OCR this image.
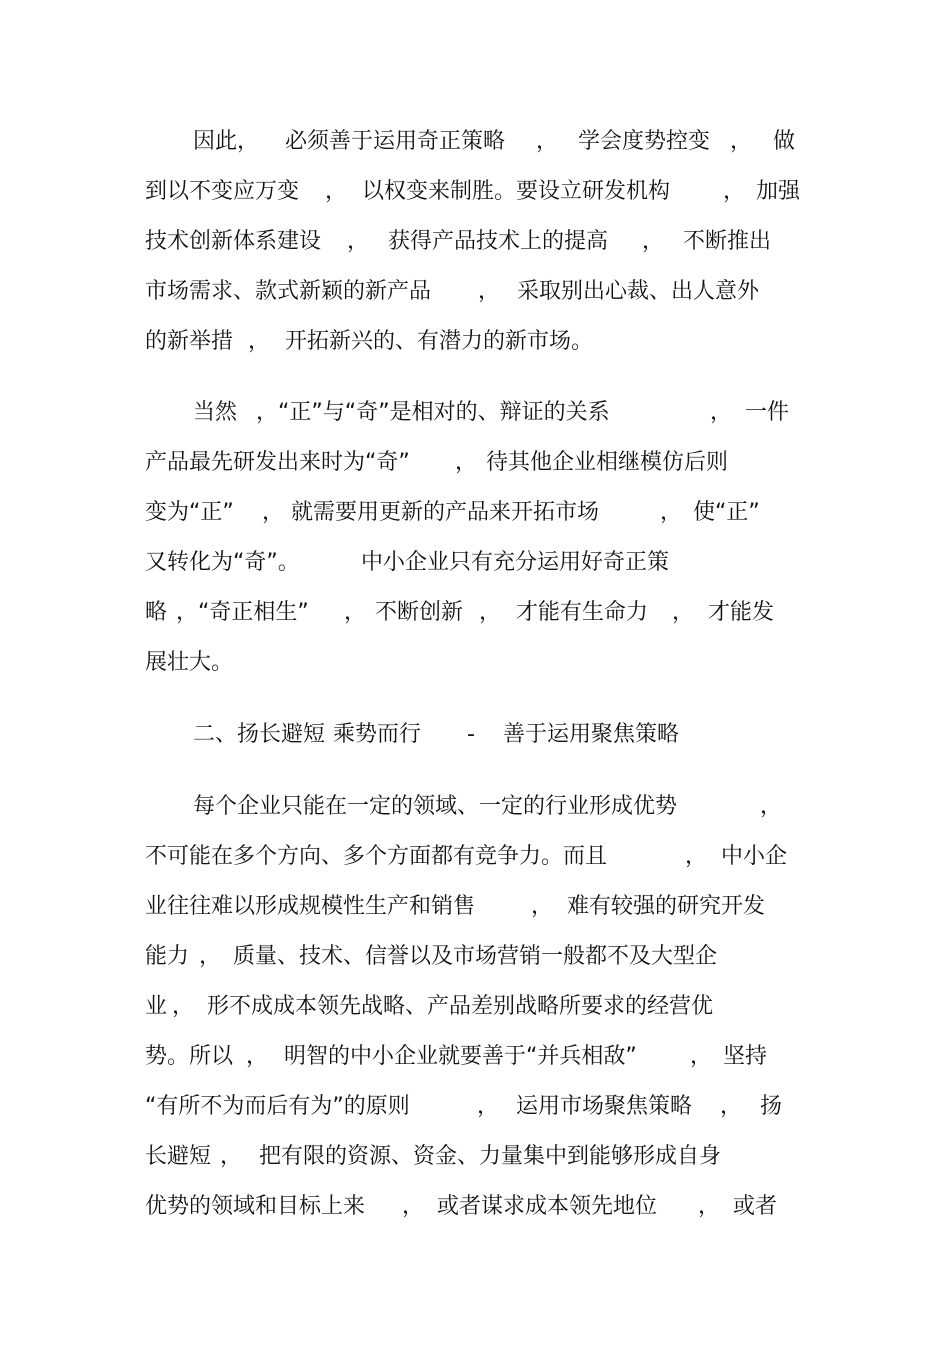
因此， 必须善于运用奇正策略 ， 学会度势控变 ， 做
到以不变应万变 ， 以权变来制胜。要设立研发机构 ， 加强
技术创新体系建设 ， 获得产品技术上的提高 ， 不断推出
市场需求、款式新颖的新产品 ， 采取别出心裁、出人意外
的新举措 ， 开拓新兴的、有潜力的新市场。
当然 ，“正”与“奇”是相对的、辩证的关系	， 一件
产品最先研发出来时为“奇” ， 待其他企业相继模仿后则
变为“正” ， 就需要用更新的产品来开拓市场	， 使“正”
又转化为“奇”。	中小企业只有充分运用好奇正策
略 ，“奇正相生” ， 不断创新 ， 才能有生命力 ， 才能发
展壮大。
二、扬长避短 乘势而行 - 善于运用聚焦策略
每个企业只能在一定的领域、一定的行业形成优势	，
不可能在多个方向、多个方面都有竞争力。而且	， 中小企
业往往难以形成规模性生产和销售	， 难有较强的研究开发
能力 ， 质量、技术、信誉以及市场营销一般都不及大型企
业 ， 形不成成本领先战略、产品差别战略所要求的经营优
势。所以 ， 明智的中小企业就要善于“并兵相敌” ， 坚持
“有所不为而后有为”的原则	， 运用市场聚焦策略 ， 扬
长避短 ， 把有限的资源、资金、力量集中到能够形成自身
优势的领域和目标上来 ， 或者谋求成本领先地位 ， 或者
